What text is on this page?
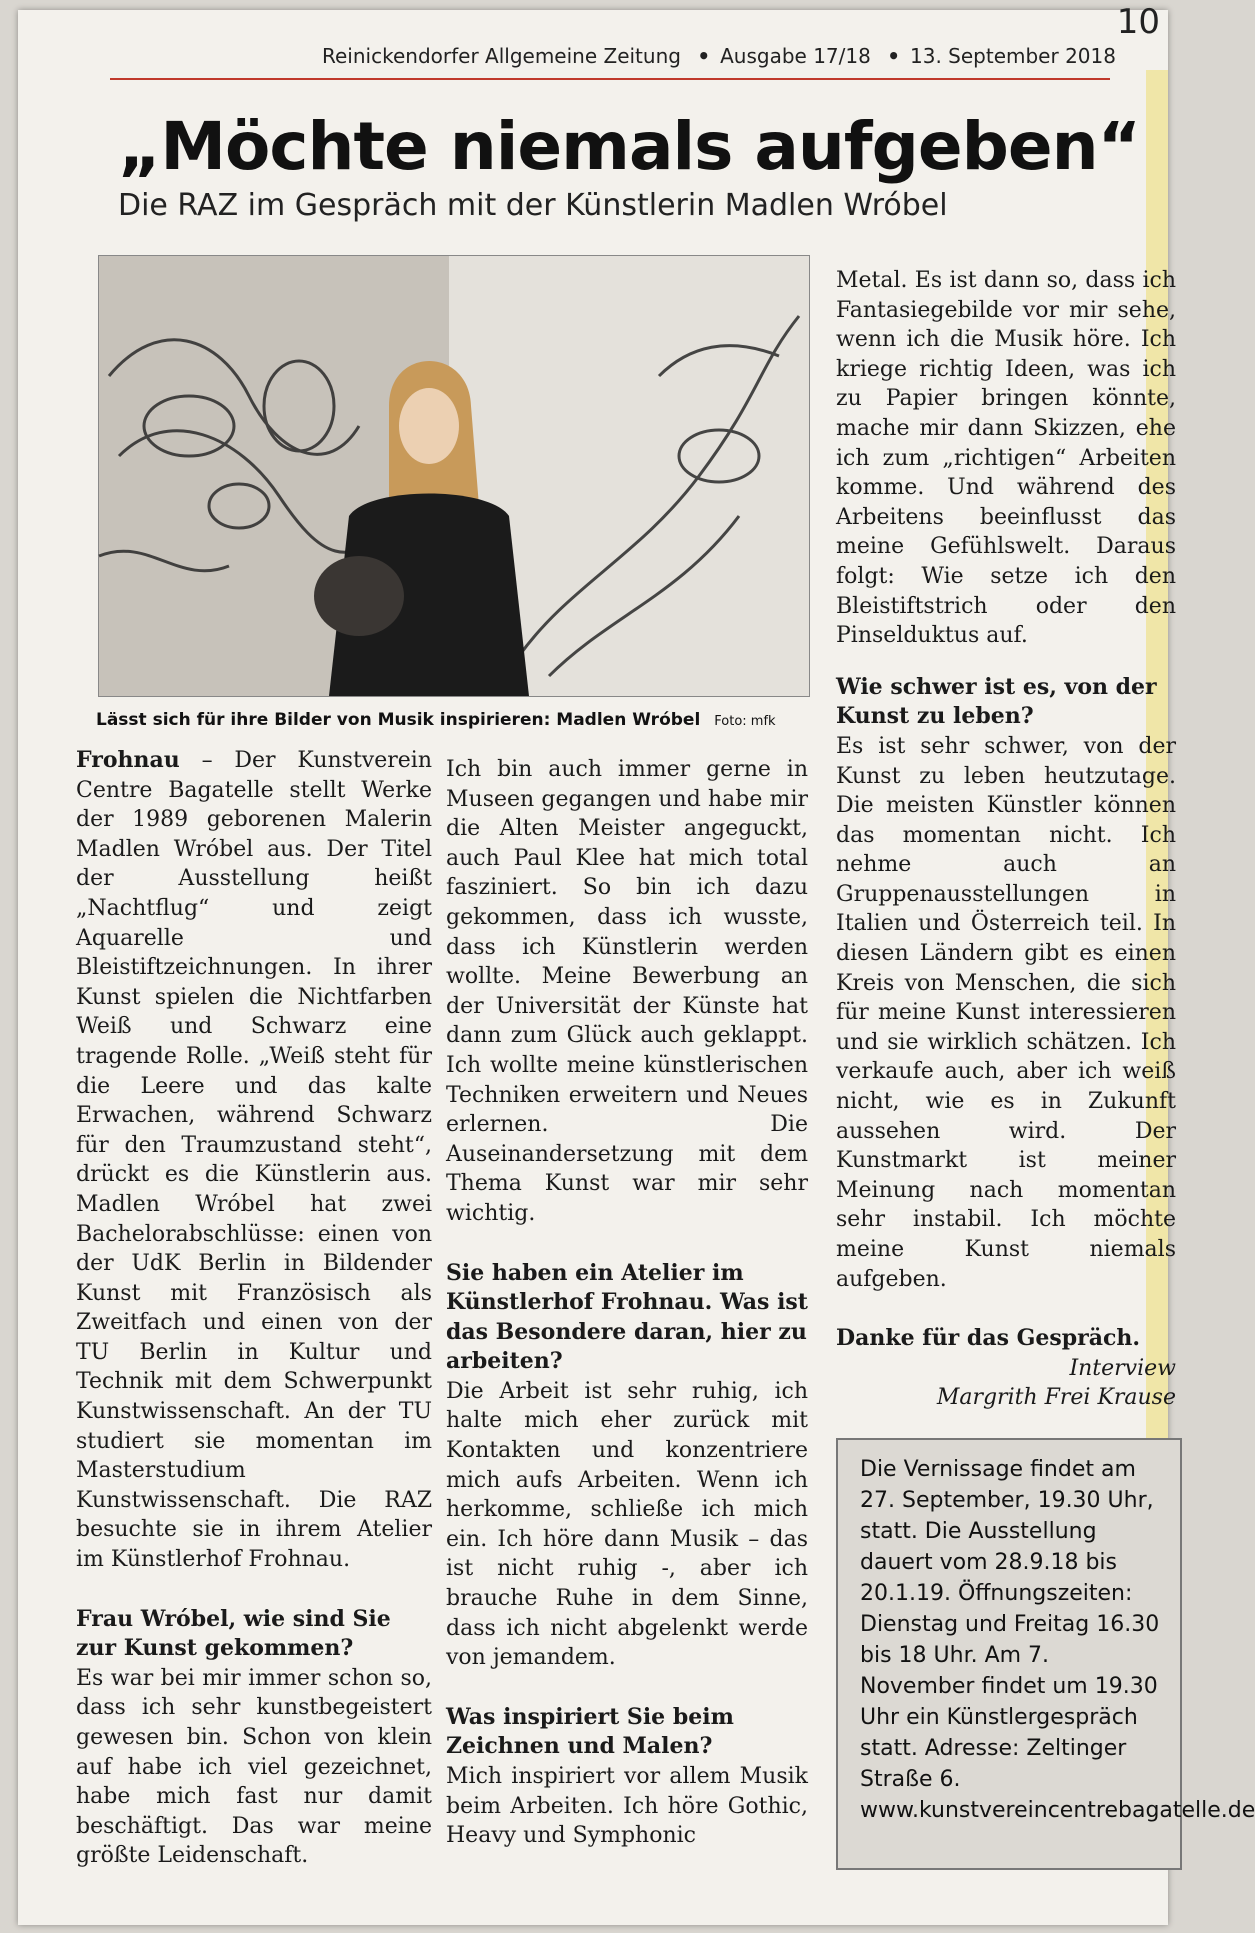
Reinickendorfer Allgemeine Zeitung • Ausgabe 17/18 • 13. September 2018
10
„Möchte niemals aufgeben“
Die RAZ im Gespräch mit der Künstlerin Madlen Wróbel
Lässt sich für ihre Bilder von Musik inspirieren: Madlen Wróbel Foto: mfk

Frohnau – Der Kunstverein Centre Bagatelle stellt Werke der 1989 geborenen Malerin Madlen Wróbel aus. Der Titel der Ausstellung heißt „Nachtflug“ und zeigt Aquarelle und Bleistiftzeichnungen. In ihrer Kunst spielen die Nichtfarben Weiß und Schwarz eine tragende Rolle. „Weiß steht für die Leere und das kalte Erwachen, während Schwarz für den Traumzustand steht“, drückt es die Künstlerin aus. Madlen Wróbel hat zwei Bachelorabschlüsse: einen von der UdK Berlin in Bildender Kunst mit Französisch als Zweitfach und einen von der TU Berlin in Kultur und Technik mit dem Schwerpunkt Kunstwissenschaft. An der TU studiert sie momentan im Masterstudium Kunstwissenschaft. Die RAZ besuchte sie in ihrem Atelier im Künstlerhof Frohnau.

Frau Wróbel, wie sind Sie zur Kunst gekommen?

Es war bei mir immer schon so, dass ich sehr kunstbegeistert gewesen bin. Schon von klein auf habe ich viel gezeichnet, habe mich fast nur damit beschäftigt. Das war meine größte Leidenschaft.

Ich bin auch immer gerne in Museen gegangen und habe mir die Alten Meister angeguckt, auch Paul Klee hat mich total fasziniert. So bin ich dazu gekommen, dass ich wusste, dass ich Künstlerin werden wollte. Meine Bewerbung an der Universität der Künste hat dann zum Glück auch geklappt. Ich wollte meine künstlerischen Techniken erweitern und Neues erlernen. Die Auseinandersetzung mit dem Thema Kunst war mir sehr wichtig.

Sie haben ein Atelier im Künstlerhof Frohnau. Was ist das Besondere daran, hier zu arbeiten?

Die Arbeit ist sehr ruhig, ich halte mich eher zurück mit Kontakten und konzentriere mich aufs Arbeiten. Wenn ich herkomme, schließe ich mich ein. Ich höre dann Musik – das ist nicht ruhig -, aber ich brauche Ruhe in dem Sinne, dass ich nicht abgelenkt werde von jemandem.

Was inspiriert Sie beim Zeichnen und Malen?

Mich inspiriert vor allem Musik beim Arbeiten. Ich höre Gothic, Heavy und Symphonic

Metal. Es ist dann so, dass ich Fantasiegebilde vor mir sehe, wenn ich die Musik höre. Ich kriege richtig Ideen, was ich zu Papier bringen könnte, mache mir dann Skizzen, ehe ich zum „richtigen“ Arbeiten komme. Und während des Arbeitens beeinflusst das meine Gefühlswelt. Daraus folgt: Wie setze ich den Bleistiftstrich oder den Pinselduktus auf.

Wie schwer ist es, von der Kunst zu leben?

Es ist sehr schwer, von der Kunst zu leben heutzutage. Die meisten Künstler können das momentan nicht. Ich nehme auch an Gruppenausstellungen in Italien und Österreich teil. In diesen Ländern gibt es einen Kreis von Menschen, die sich für meine Kunst interessieren und sie wirklich schätzen. Ich verkaufe auch, aber ich weiß nicht, wie es in Zukunft aussehen wird. Der Kunstmarkt ist meiner Meinung nach momentan sehr instabil. Ich möchte meine Kunst niemals aufgeben.

Danke für das Gespräch.

Interview

Margrith Frei Krause

Die Vernissage findet am 27. September, 19.30 Uhr, statt. Die Ausstellung dauert vom 28.9.18 bis 20.1.19. Öffnungszeiten: Dienstag und Freitag 16.30 bis 18 Uhr. Am 7. November findet um 19.30 Uhr ein Künstlergespräch statt. Adresse: Zeltinger Straße 6. www.kunstvereincentrebagatelle.de
